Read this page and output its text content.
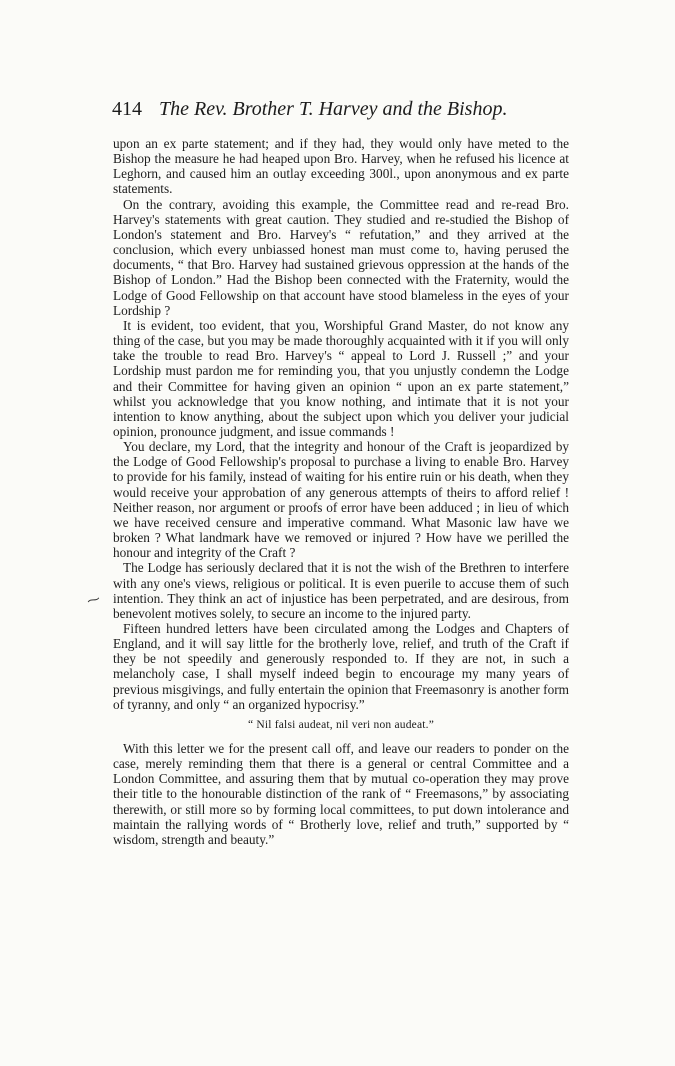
414 The Rev. Brother T. Harvey and the Bishop.
⁓

upon an ex parte statement; and if they had, they would only have meted to the Bishop the measure he had heaped upon Bro. Harvey, when he refused his licence at Leghorn, and caused him an outlay exceeding 300l., upon anonymous and ex parte statements.

On the contrary, avoiding this example, the Committee read and re-read Bro. Harvey's statements with great caution. They studied and re-studied the Bishop of London's statement and Bro. Harvey's “ refutation,” and they arrived at the conclusion, which every unbiassed honest man must come to, having perused the documents, “ that Bro. Harvey had sustained grievous oppression at the hands of the Bishop of London.” Had the Bishop been connected with the Fraternity, would the Lodge of Good Fellowship on that account have stood blameless in the eyes of your Lordship ?

It is evident, too evident, that you, Worshipful Grand Master, do not know any thing of the case, but you may be made thoroughly acquainted with it if you will only take the trouble to read Bro. Harvey's “ appeal to Lord J. Russell ;” and your Lordship must pardon me for reminding you, that you unjustly condemn the Lodge and their Committee for having given an opinion “ upon an ex parte statement,” whilst you acknowledge that you know nothing, and intimate that it is not your intention to know anything, about the subject upon which you deliver your judicial opinion, pronounce judgment, and issue commands !

You declare, my Lord, that the integrity and honour of the Craft is jeopardized by the Lodge of Good Fellowship's proposal to purchase a living to enable Bro. Harvey to provide for his family, instead of waiting for his entire ruin or his death, when they would receive your approbation of any generous attempts of theirs to afford relief ! Neither reason, nor argument or proofs of error have been adduced ; in lieu of which we have received censure and imperative command. What Masonic law have we broken ? What landmark have we removed or injured ? How have we perilled the honour and integrity of the Craft ?

The Lodge has seriously declared that it is not the wish of the Brethren to interfere with any one's views, religious or political. It is even puerile to accuse them of such intention. They think an act of injustice has been perpetrated, and are desirous, from benevolent motives solely, to secure an income to the injured party.

Fifteen hundred letters have been circulated among the Lodges and Chapters of England, and it will say little for the brotherly love, relief, and truth of the Craft if they be not speedily and generously responded to. If they are not, in such a melancholy case, I shall myself indeed begin to encourage my many years of previous misgivings, and fully entertain the opinion that Freemasonry is another form of tyranny, and only “ an organized hypocrisy.”

“ Nil falsi audeat, nil veri non audeat.”

With this letter we for the present call off, and leave our readers to ponder on the case, merely reminding them that there is a general or central Committee and a London Committee, and assuring them that by mutual co-operation they may prove their title to the honourable distinction of the rank of “ Freemasons,” by associating therewith, or still more so by forming local committees, to put down intolerance and maintain the rallying words of “ Brotherly love, relief and truth,” supported by “ wisdom, strength and beauty.”
